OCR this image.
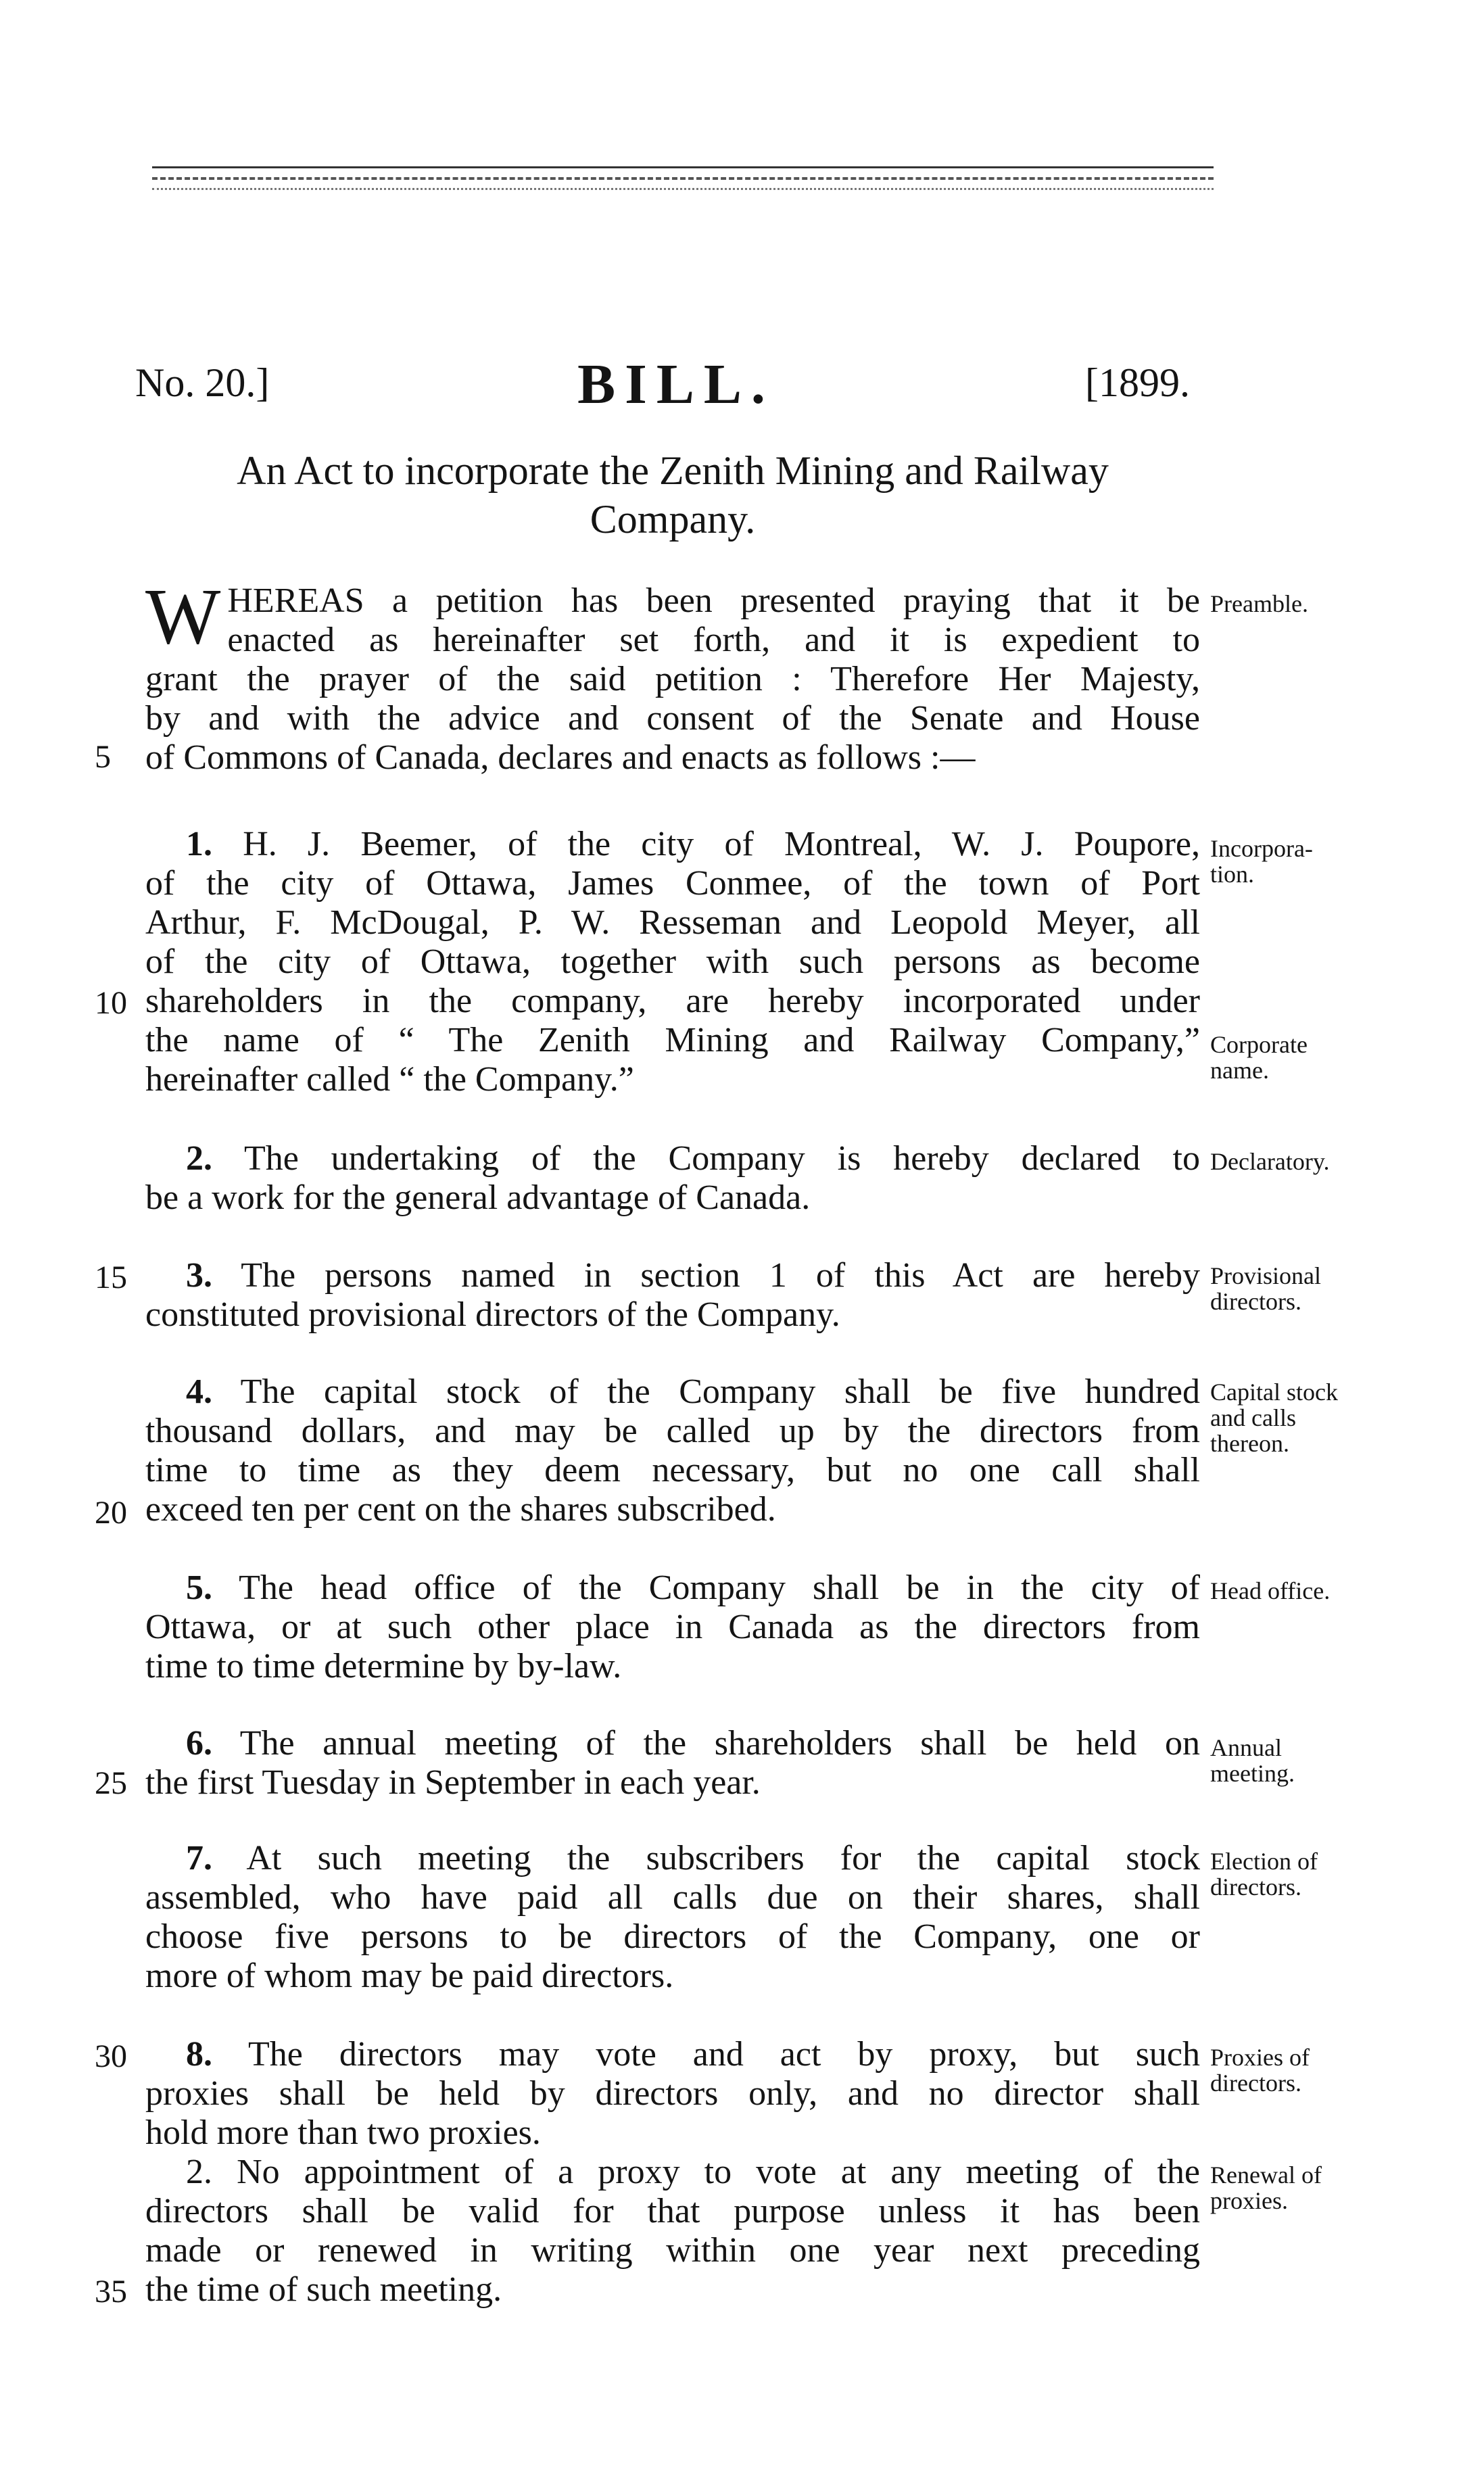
No. 20.]	BILL.	[1899.
An Act to incorporate the Zenith Mining and Railway
Company.
W HEREAS a petition has been presented praying that it be
enacted as hereinafter set forth, and it is expedient to
grant the prayer of the said petition : Therefore Her Majesty,
by and with the advice and consent of the Senate and House
of Commons of Canada, declares and enacts as follows :—
Preamble.
1. H. J. Beemer, of the city of Montreal, W. J. Poupore,
of the city of Ottawa, James Conmee, of the town of Port
Arthur, F. McDougal, P. W. Resseman and Leopold Meyer, all
of the city of Ottawa, together with such persons as become
shareholders in the company, are hereby incorporated under
the name of “ The Zenith Mining and Railway Company,”
hereinafter called “ the Company.”
Incorpora-
tion.
Corporate
name.
2. The undertaking of the Company is hereby declared to
be a work for the general advantage of Canada.
Declaratory.
3. The persons named in section 1 of this Act are hereby
constituted provisional directors of the Company.
Provisional
directors.
4. The capital stock of the Company shall be five hundred
thousand dollars, and may be called up by the directors from
time to time as they deem necessary, but no one call shall
exceed ten per cent on the shares subscribed.
Capital stock
and calls
thereon.
5. The head office of the Company shall be in the city of
Ottawa, or at such other place in Canada as the directors from
time to time determine by by-law.
Head office.
6. The annual meeting of the shareholders shall be held on
the first Tuesday in September in each year.
Annual
meeting.
7. At such meeting the subscribers for the capital stock
assembled, who have paid all calls due on their shares, shall
choose five persons to be directors of the Company, one or
more of whom may be paid directors.
Election of
directors.
8. The directors may vote and act by proxy, but such
proxies shall be held by directors only, and no director shall
hold more than two proxies.
Proxies of
directors.
2. No appointment of a proxy to vote at any meeting of the
directors shall be valid for that purpose unless it has been
made or renewed in writing within one year next preceding
the time of such meeting.
Renewal of
proxies.
5
10
15
20
25
30
35
